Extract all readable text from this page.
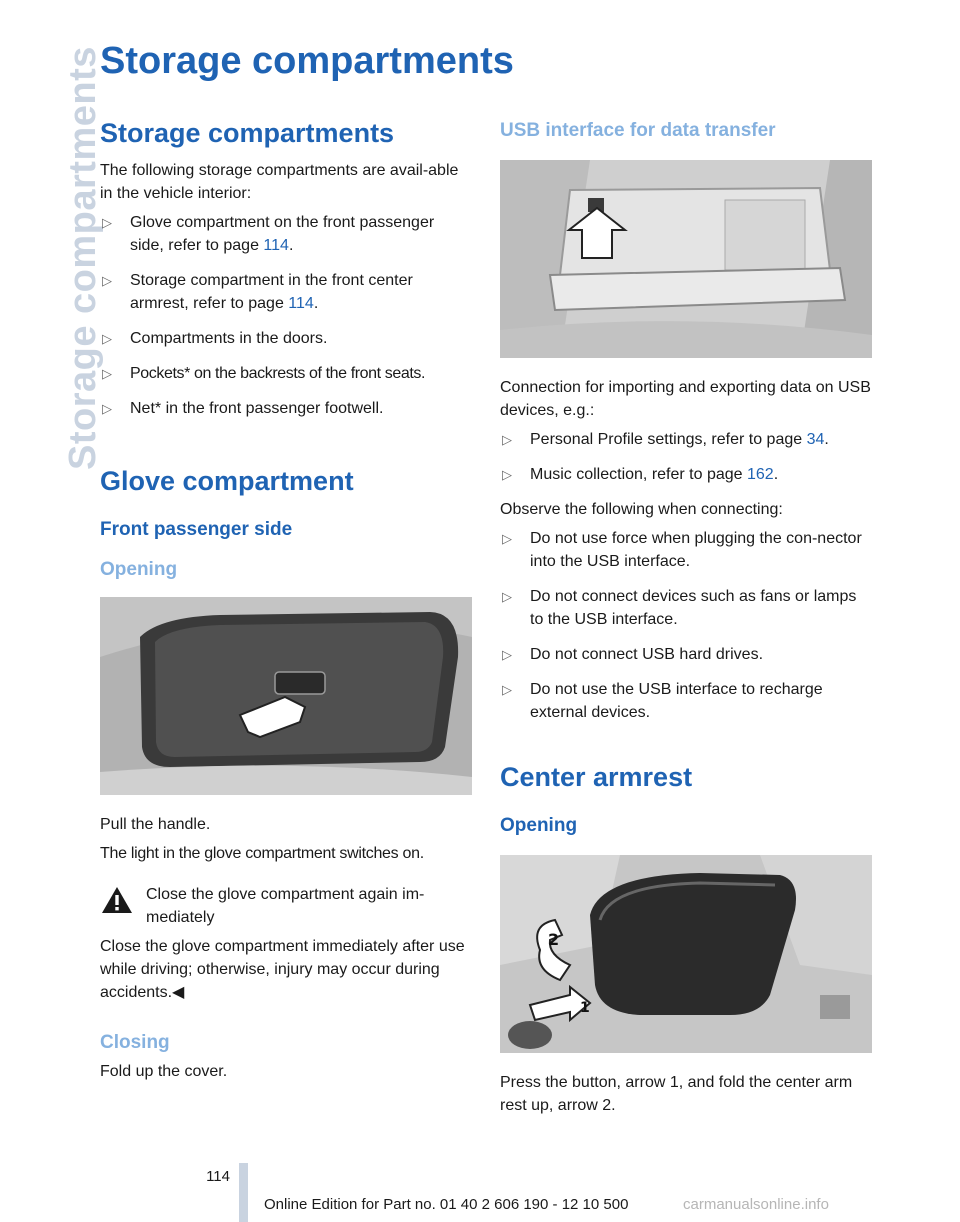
Storage compartments
Storage compartments
Storage compartments

The following storage compartments are avail-able in the vehicle interior:

▷ Glove compartment on the front passenger side, refer to page 114.
▷ Storage compartment in the front center armrest, refer to page 114.
▷ Compartments in the doors.
▷ Pockets* on the backrests of the front seats.
▷ Net* in the front passenger footwell.
Glove compartment
Front passenger side
Opening

Pull the handle.

The light in the glove compartment switches on.

Close the glove compartment again im-mediately

Close the glove compartment immediately after use while driving; otherwise, injury may occur during accidents.◀

Closing

Fold up the cover.

USB interface for data transfer

Connection for importing and exporting data on USB devices, e.g.:

▷ Personal Profile settings, refer to page 34.
▷ Music collection, refer to page 162.

Observe the following when connecting:

▷ Do not use force when plugging the con-nector into the USB interface.
▷ Do not connect devices such as fans or lamps to the USB interface.
▷ Do not connect USB hard drives.
▷ Do not use the USB interface to recharge external devices.
Center armrest
Opening
2
1

Press the button, arrow 1, and fold the center arm rest up, arrow 2.

114
Online Edition for Part no. 01 40 2 606 190 - 12 10 500	carmanualsonline.info
